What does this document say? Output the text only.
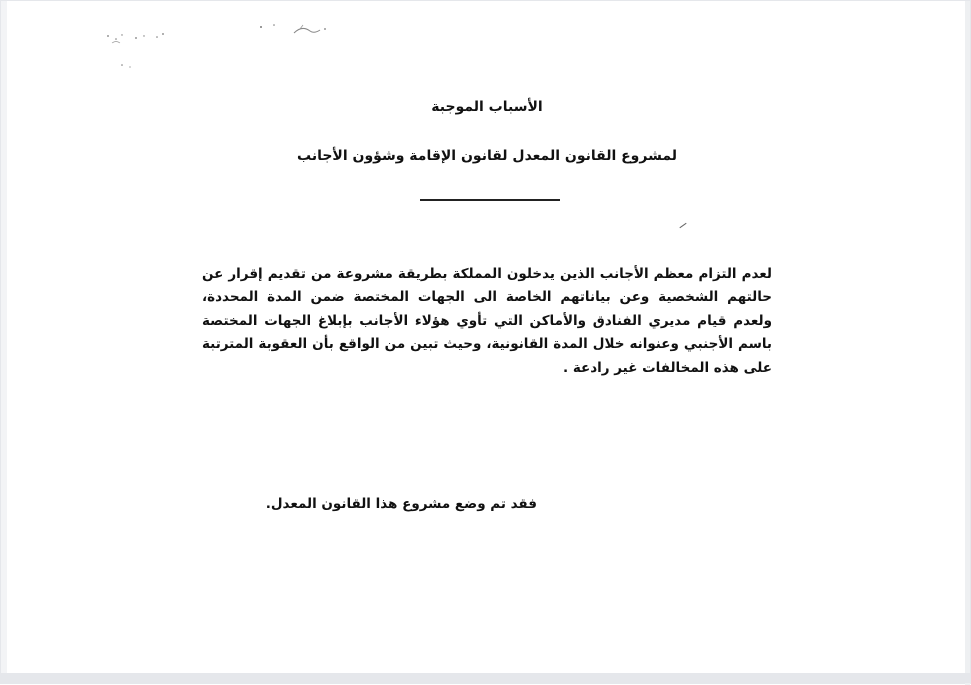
الأسباب الموجبة
لمشروع القانون المعدل لقانون الإقامة وشؤون الأجانب

لعدم التزام معظم الأجانب الذين يدخلون المملكة بطريقة مشروعة من تقديم إقرار عن حالتهم الشخصية وعن بياناتهم الخاصة الى الجهات المختصة ضمن المدة المحددة، ولعدم قيام مديري الفنادق والأماكن التي تأوي هؤلاء الأجانب بإبلاغ الجهات المختصة باسم الأجنبي وعنوانه خلال المدة القانونية، وحيث تبين من الواقع بأن العقوبة المترتبة على هذه المخالفات غير رادعة .

فقد تم وضع مشروع هذا القانون المعدل.
